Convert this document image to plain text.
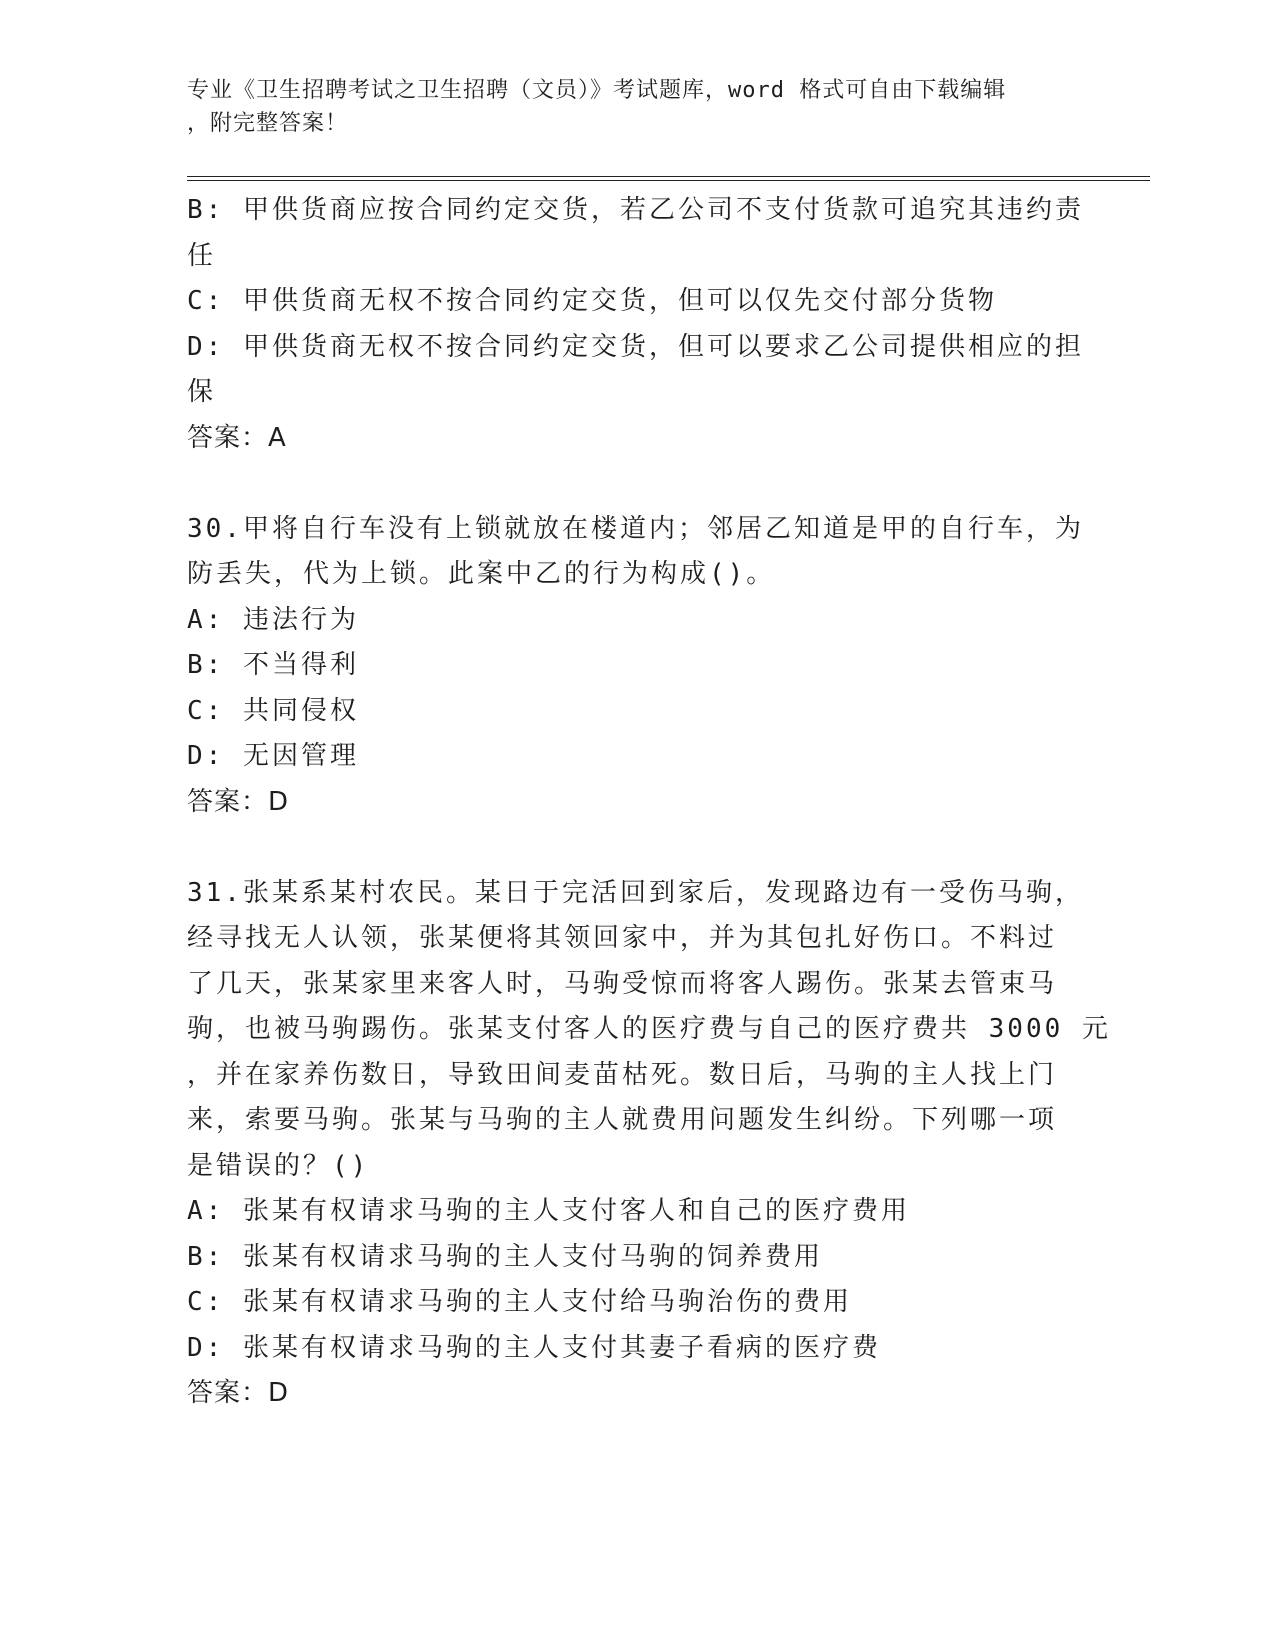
专业《卫生招聘考试之卫生招聘（文员）》考试题库，word 格式可自由下载编辑
，附完整答案！
B: 甲供货商应按合同约定交货，若乙公司不支付货款可追究其违约责
任
C: 甲供货商无权不按合同约定交货，但可以仅先交付部分货物
D: 甲供货商无权不按合同约定交货，但可以要求乙公司提供相应的担
保
答案：A
30.甲将自行车没有上锁就放在楼道内；邻居乙知道是甲的自行车，为
防丢失，代为上锁。此案中乙的行为构成()。
A: 违法行为
B: 不当得利
C: 共同侵权
D: 无因管理
答案：D
31.张某系某村农民。某日于完活回到家后，发现路边有一受伤马驹，
经寻找无人认领，张某便将其领回家中，并为其包扎好伤口。不料过
了几天，张某家里来客人时，马驹受惊而将客人踢伤。张某去管束马
驹，也被马驹踢伤。张某支付客人的医疗费与自己的医疗费共 3000 元
，并在家养伤数日，导致田间麦苗枯死。数日后，马驹的主人找上门
来，索要马驹。张某与马驹的主人就费用问题发生纠纷。下列哪一项
是错误的？()
A: 张某有权请求马驹的主人支付客人和自己的医疗费用
B: 张某有权请求马驹的主人支付马驹的饲养费用
C: 张某有权请求马驹的主人支付给马驹治伤的费用
D: 张某有权请求马驹的主人支付其妻子看病的医疗费
答案：D
